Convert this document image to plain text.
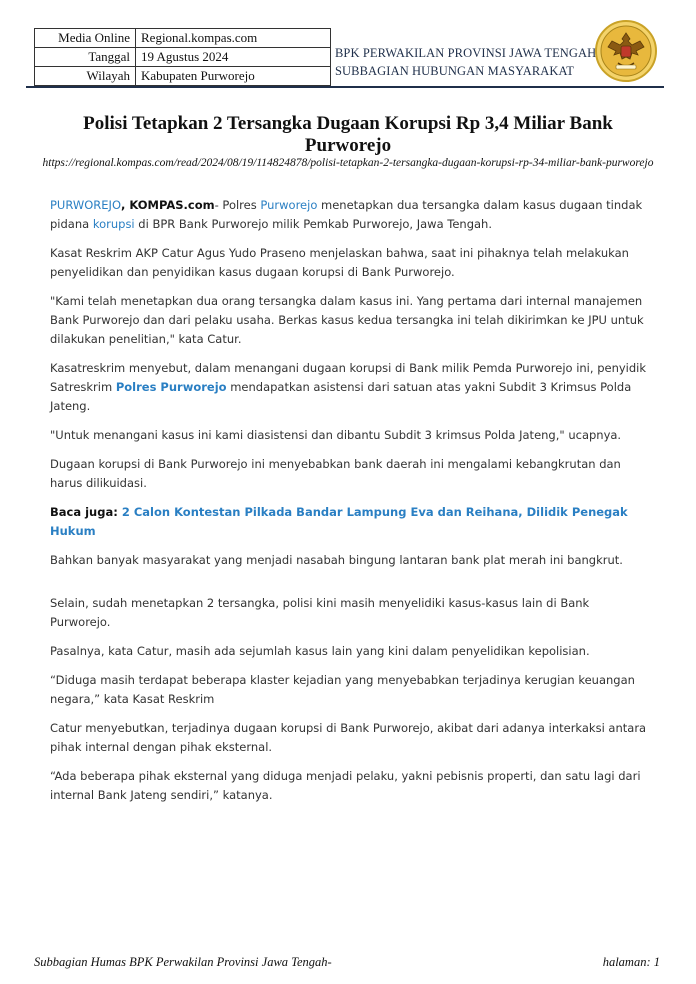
Media Online	Regional.kompas.com
Tanggal	19 Agustus 2024
Wilayah	Kabupaten Purworejo
BPK PERWAKILAN PROVINSI JAWA TENGAH
SUBBAGIAN HUBUNGAN MASYARAKAT
Polisi Tetapkan 2 Tersangka Dugaan Korupsi Rp 3,4 Miliar Bank Purworejo
https://regional.kompas.com/read/2024/08/19/114824878/polisi-tetapkan-2-tersangka-dugaan-korupsi-rp-34-miliar-bank-purworejo

PURWOREJO, KOMPAS.com- Polres Purworejo menetapkan dua tersangka dalam kasus dugaan tindak pidana korupsi di BPR Bank Purworejo milik Pemkab Purworejo, Jawa Tengah.

Kasat Reskrim AKP Catur Agus Yudo Praseno menjelaskan bahwa, saat ini pihaknya telah melakukan penyelidikan dan penyidikan kasus dugaan korupsi di Bank Purworejo.

"Kami telah menetapkan dua orang tersangka dalam kasus ini. Yang pertama dari internal manajemen Bank Purworejo dan dari pelaku usaha. Berkas kasus kedua tersangka ini telah dikirimkan ke JPU untuk dilakukan penelitian," kata Catur.

Kasatreskrim menyebut, dalam menangani dugaan korupsi di Bank milik Pemda Purworejo ini, penyidik Satreskrim Polres Purworejo mendapatkan asistensi dari satuan atas yakni Subdit 3 Krimsus Polda Jateng.

"Untuk menangani kasus ini kami diasistensi dan dibantu Subdit 3 krimsus Polda Jateng," ucapnya.

Dugaan korupsi di Bank Purworejo ini menyebabkan bank daerah ini mengalami kebangkrutan dan harus dilikuidasi.

Baca juga: 2 Calon Kontestan Pilkada Bandar Lampung Eva dan Reihana, Dilidik Penegak Hukum

Bahkan banyak masyarakat yang menjadi nasabah bingung lantaran bank plat merah ini bangkrut.

Selain, sudah menetapkan 2 tersangka, polisi kini masih menyelidiki kasus-kasus lain di Bank Purworejo.

Pasalnya, kata Catur, masih ada sejumlah kasus lain yang kini dalam penyelidikan kepolisian.

“Diduga masih terdapat beberapa klaster kejadian yang menyebabkan terjadinya kerugian keuangan negara,” kata Kasat Reskrim

Catur menyebutkan, terjadinya dugaan korupsi di Bank Purworejo, akibat dari adanya interkaksi antara pihak internal dengan pihak eksternal.

“Ada beberapa pihak eksternal yang diduga menjadi pelaku, yakni pebisnis properti, dan satu lagi dari internal Bank Jateng sendiri,” katanya.

Subbagian Humas BPK Perwakilan Provinsi Jawa Tengah-	halaman: 1
